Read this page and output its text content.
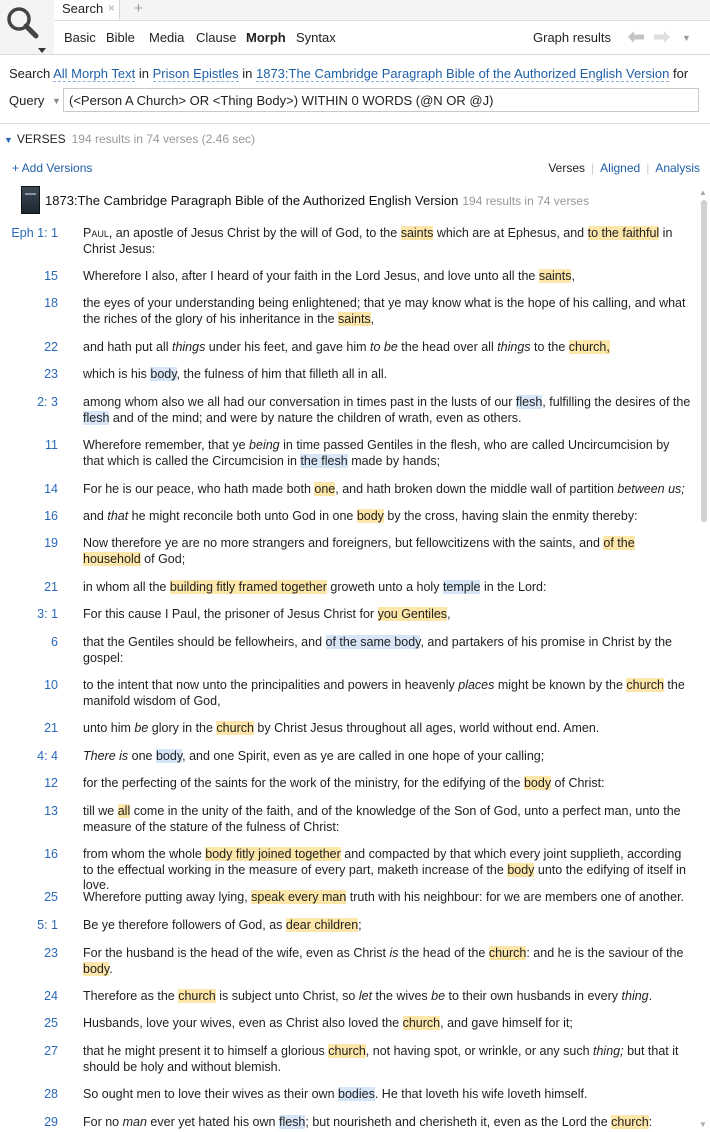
Search × +
Basic Bible Media Clause Morph Syntax	Graph results	▼
Search All Morph Text in Prison Epistles in 1873:The Cambridge Paragraph Bible of the Authorized English Version for
Query ▼
(<Person A Church> OR <Thing Body>) WITHIN 0 WORDS (@N OR @J)
▼ VERSES 194 results in 74 verses (2.46 sec)
+ Add Versions	Verses | Aligned | Analysis
1873:The Cambridge Paragraph Bible of the Authorized English Version 194 results in 74 verses
▲
▼
Eph 1: 1 Paul, an apostle of Jesus Christ by the will of God, to the saints which are at Ephesus, and to the faithful in Christ Jesus:
15 Wherefore I also, after I heard of your faith in the Lord Jesus, and love unto all the saints,
18 the eyes of your understanding being enlightened; that ye may know what is the hope of his calling, and what the riches of the glory of his inheritance in the saints,
22 and hath put all things under his feet, and gave him to be the head over all things to the church,
23 which is his body, the fulness of him that filleth all in all.
2: 3 among whom also we all had our conversation in times past in the lusts of our flesh, fulfilling the desires of the flesh and of the mind; and were by nature the children of wrath, even as others.
11 Wherefore remember, that ye being in time passed Gentiles in the flesh, who are called Uncircumcision by that which is called the Circumcision in the flesh made by hands;
14 For he is our peace, who hath made both one, and hath broken down the middle wall of partition between us;
16 and that he might reconcile both unto God in one body by the cross, having slain the enmity thereby:
19 Now therefore ye are no more strangers and foreigners, but fellowcitizens with the saints, and of the household of God;
21 in whom all the building fitly framed together groweth unto a holy temple in the Lord:
3: 1 For this cause I Paul, the prisoner of Jesus Christ for you Gentiles,
6 that the Gentiles should be fellowheirs, and of the same body, and partakers of his promise in Christ by the gospel:
10 to the intent that now unto the principalities and powers in heavenly places might be known by the church the manifold wisdom of God,
21 unto him be glory in the church by Christ Jesus throughout all ages, world without end. Amen.
4: 4 There is one body, and one Spirit, even as ye are called in one hope of your calling;
12 for the perfecting of the saints for the work of the ministry, for the edifying of the body of Christ:
13 till we all come in the unity of the faith, and of the knowledge of the Son of God, unto a perfect man, unto the measure of the stature of the fulness of Christ:
16 from whom the whole body fitly joined together and compacted by that which every joint supplieth, according to the effectual working in the measure of every part, maketh increase of the body unto the edifying of itself in love.
25 Wherefore putting away lying, speak every man truth with his neighbour: for we are members one of another.
5: 1 Be ye therefore followers of God, as dear children;
23 For the husband is the head of the wife, even as Christ is the head of the church: and he is the saviour of the body.
24 Therefore as the church is subject unto Christ, so let the wives be to their own husbands in every thing.
25 Husbands, love your wives, even as Christ also loved the church, and gave himself for it;
27 that he might present it to himself a glorious church, not having spot, or wrinkle, or any such thing; but that it should be holy and without blemish.
28 So ought men to love their wives as their own bodies. He that loveth his wife loveth himself.
29 For no man ever yet hated his own flesh; but nourisheth and cherisheth it, even as the Lord the church:
